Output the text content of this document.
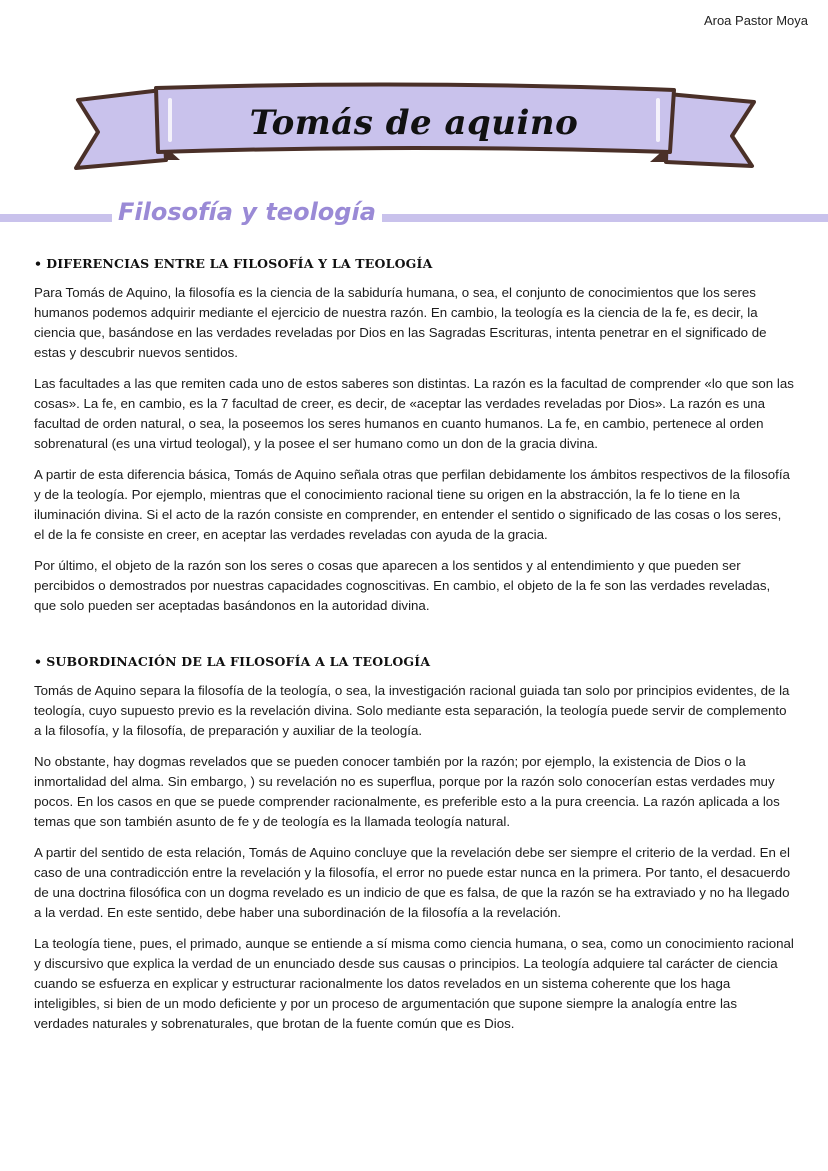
Aroa Pastor Moya
Tomás de aquino
Filosofía y teología
• DIFERENCIAS ENTRE LA FILOSOFÍA Y LA TEOLOGÍA

Para Tomás de Aquino, la filosofía es la ciencia de la sabiduría humana, o sea, el conjunto de conocimientos que los seres humanos podemos adquirir mediante el ejercicio de nuestra razón. En cambio, la teología es la ciencia de la fe, es decir, la ciencia que, basándose en las verdades reveladas por Dios en las Sagradas Escrituras, intenta penetrar en el significado de estas y descubrir nuevos sentidos.

Las facultades a las que remiten cada uno de estos saberes son distintas. La razón es la facultad de comprender «lo que son las cosas». La fe, en cambio, es la 7 facultad de creer, es decir, de «aceptar las verdades reveladas por Dios». La razón es una facultad de orden natural, o sea, la poseemos los seres humanos en cuanto humanos. La fe, en cambio, pertenece al orden sobrenatural (es una virtud teologal), y la posee el ser humano como un don de la gracia divina.

A partir de esta diferencia básica, Tomás de Aquino señala otras que perfilan debidamente los ámbitos respectivos de la filosofía y de la teología. Por ejemplo, mientras que el conocimiento racional tiene su origen en la abstracción, la fe lo tiene en la iluminación divina. Si el acto de la razón consiste en comprender, en entender el sentido o significado de las cosas o los seres, el de la fe consiste en creer, en aceptar las verdades reveladas con ayuda de la gracia.

Por último, el objeto de la razón son los seres o cosas que aparecen a los sentidos y al entendimiento y que pueden ser percibidos o demostrados por nuestras capacidades cognoscitivas. En cambio, el objeto de la fe son las verdades reveladas, que solo pueden ser aceptadas basándonos en la autoridad divina.

• SUBORDINACIÓN DE LA FILOSOFÍA A LA TEOLOGÍA

Tomás de Aquino separa la filosofía de la teología, o sea, la investigación racional guiada tan solo por principios evidentes, de la teología, cuyo supuesto previo es la revelación divina. Solo mediante esta separación, la teología puede servir de complemento a la filosofía, y la filosofía, de preparación y auxiliar de la teología.

No obstante, hay dogmas revelados que se pueden conocer también por la razón; por ejemplo, la existencia de Dios o la inmortalidad del alma. Sin embargo, ) su revelación no es superflua, porque por la razón solo conocerían estas verdades muy pocos. En los casos en que se puede comprender racionalmente, es preferible esto a la pura creencia. La razón aplicada a los temas que son también asunto de fe y de teología es la llamada teología natural.

A partir del sentido de esta relación, Tomás de Aquino concluye que la revelación debe ser siempre el criterio de la verdad. En el caso de una contradicción entre la revelación y la filosofía, el error no puede estar nunca en la primera. Por tanto, el desacuerdo de una doctrina filosófica con un dogma revelado es un indicio de que es falsa, de que la razón se ha extraviado y no ha llegado a la verdad. En este sentido, debe haber una subordinación de la filosofía a la revelación.

La teología tiene, pues, el primado, aunque se entiende a sí misma como ciencia humana, o sea, como un conocimiento racional y discursivo que explica la verdad de un enunciado desde sus causas o principios. La teología adquiere tal carácter de ciencia cuando se esfuerza en explicar y estructurar racionalmente los datos revelados en un sistema coherente que los haga inteligibles, si bien de un modo deficiente y por un proceso de argumentación que supone siempre la analogía entre las verdades naturales y sobrenaturales, que brotan de la fuente común que es Dios.
